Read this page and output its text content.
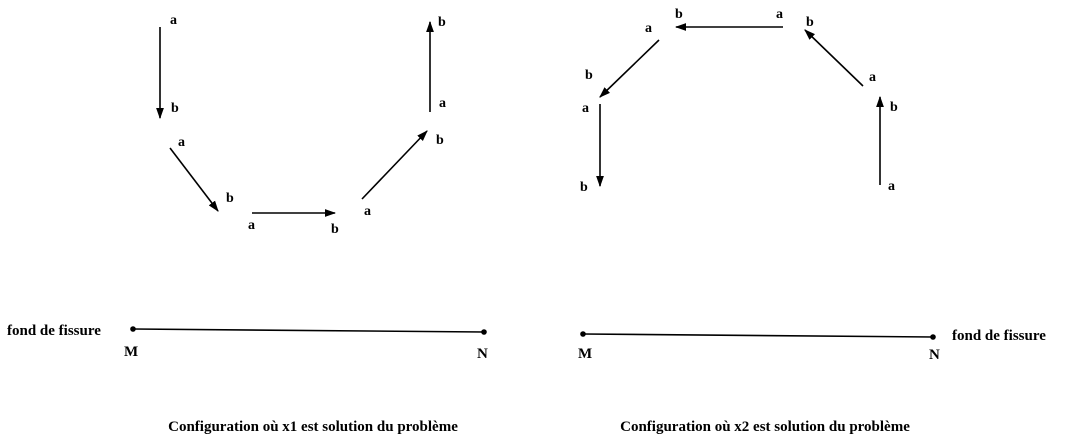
a
b
a
b
a	b
a
b
a
b
fond de fissure
M	N
Configuration où x1 est solution du problème
a
b
a
b
a
b
a
b
a
b
M	N
fond de fissure
Configuration où x2 est solution du problème
